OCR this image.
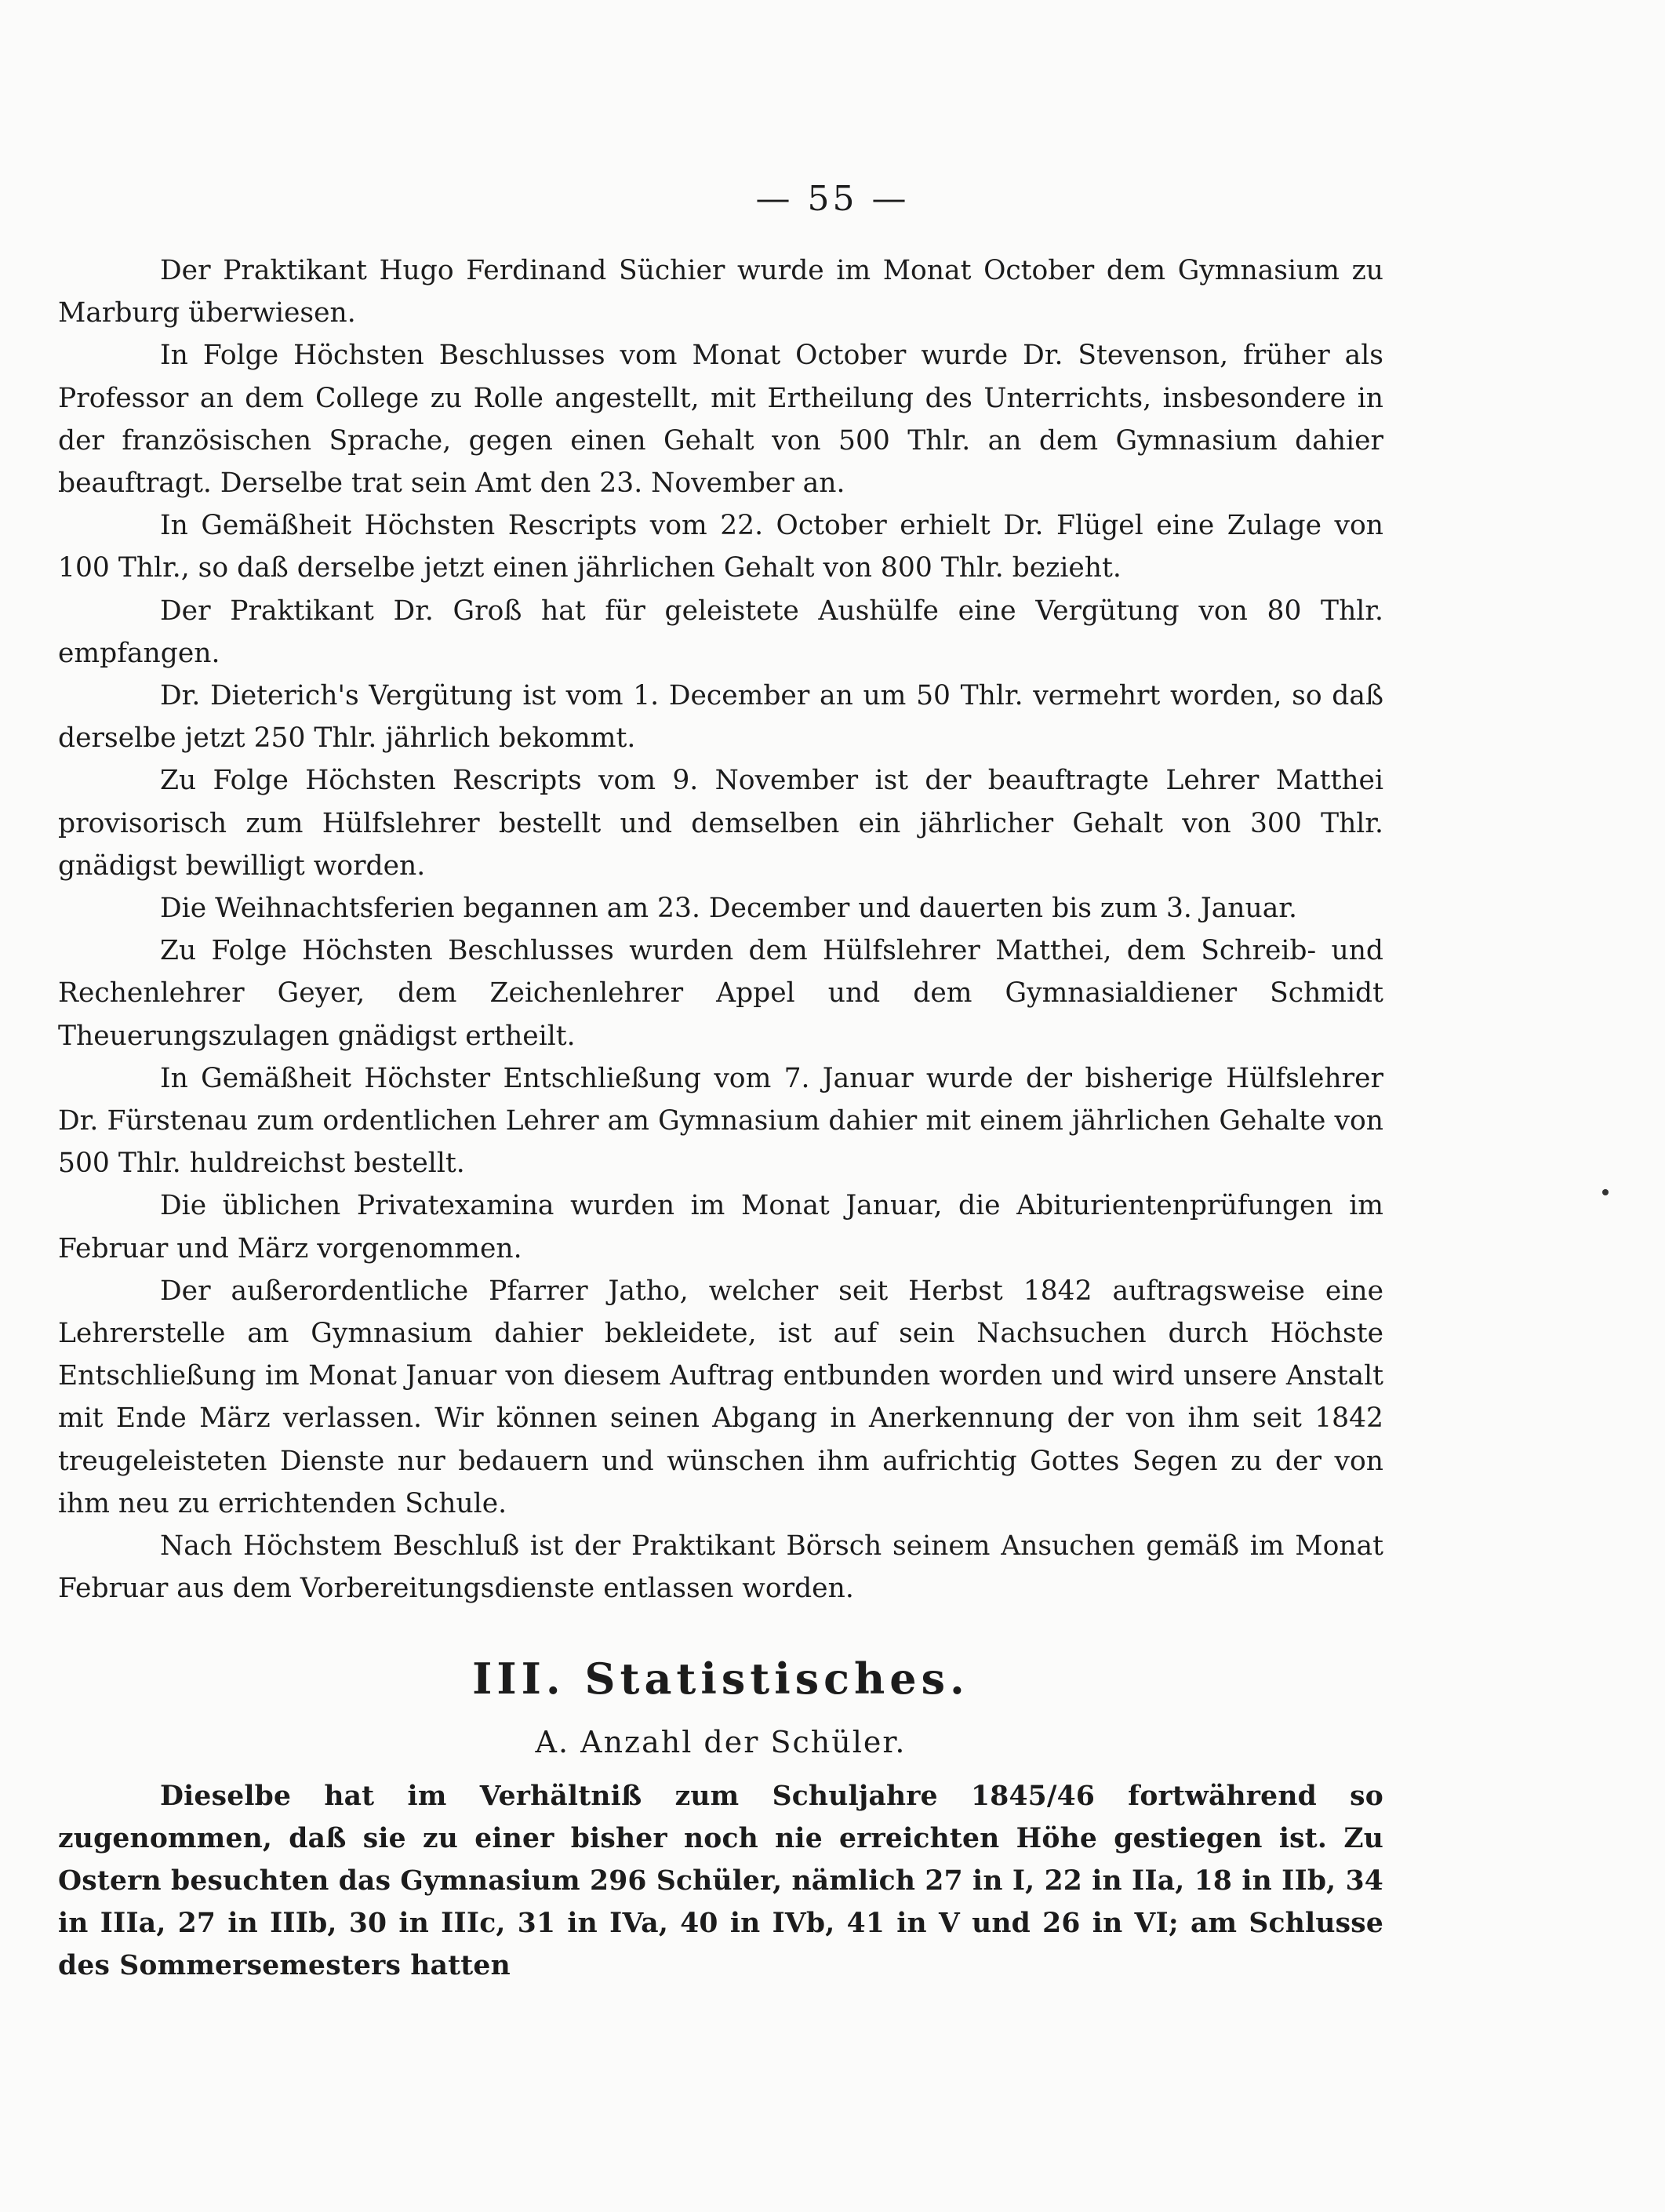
— 55 —

Der Praktikant Hugo Ferdinand Süchier wurde im Monat October dem Gymnasium zu Marburg überwiesen.

In Folge Höchsten Beschlusses vom Monat October wurde Dr. Stevenson, früher als Professor an dem College zu Rolle angestellt, mit Ertheilung des Unterrichts, insbesondere in der französischen Sprache, gegen einen Gehalt von 500 Thlr. an dem Gymnasium dahier beauftragt. Derselbe trat sein Amt den 23. November an.

In Gemäßheit Höchsten Rescripts vom 22. October erhielt Dr. Flügel eine Zulage von 100 Thlr., so daß derselbe jetzt einen jährlichen Gehalt von 800 Thlr. bezieht.

Der Praktikant Dr. Groß hat für geleistete Aushülfe eine Vergütung von 80 Thlr. empfangen.

Dr. Dieterich's Vergütung ist vom 1. December an um 50 Thlr. vermehrt worden, so daß derselbe jetzt 250 Thlr. jährlich bekommt.

Zu Folge Höchsten Rescripts vom 9. November ist der beauftragte Lehrer Matthei provisorisch zum Hülfslehrer bestellt und demselben ein jährlicher Gehalt von 300 Thlr. gnädigst bewilligt worden.

Die Weihnachtsferien begannen am 23. December und dauerten bis zum 3. Januar.

Zu Folge Höchsten Beschlusses wurden dem Hülfslehrer Matthei, dem Schreib- und Rechenlehrer Geyer, dem Zeichenlehrer Appel und dem Gymnasialdiener Schmidt Theuerungszulagen gnädigst ertheilt.

In Gemäßheit Höchster Entschließung vom 7. Januar wurde der bisherige Hülfslehrer Dr. Fürstenau zum ordentlichen Lehrer am Gymnasium dahier mit einem jährlichen Gehalte von 500 Thlr. huldreichst bestellt.

Die üblichen Privatexamina wurden im Monat Januar, die Abiturientenprüfungen im Februar und März vorgenommen.

Der außerordentliche Pfarrer Jatho, welcher seit Herbst 1842 auftragsweise eine Lehrerstelle am Gymnasium dahier bekleidete, ist auf sein Nachsuchen durch Höchste Entschließung im Monat Januar von diesem Auftrag entbunden worden und wird unsere Anstalt mit Ende März verlassen. Wir können seinen Abgang in Anerkennung der von ihm seit 1842 treugeleisteten Dienste nur bedauern und wünschen ihm aufrichtig Gottes Segen zu der von ihm neu zu errichtenden Schule.

Nach Höchstem Beschluß ist der Praktikant Börsch seinem Ansuchen gemäß im Monat Februar aus dem Vorbereitungsdienste entlassen worden.

III. Statistisches.
A. Anzahl der Schüler.

Dieselbe hat im Verhältniß zum Schuljahre 1845/46 fortwährend so zugenommen, daß sie zu einer bisher noch nie erreichten Höhe gestiegen ist. Zu Ostern besuchten das Gymnasium 296 Schüler, nämlich 27 in I, 22 in IIa, 18 in IIb, 34 in IIIa, 27 in IIIb, 30 in IIIc, 31 in IVa, 40 in IVb, 41 in V und 26 in VI; am Schlusse des Sommersemesters hatten
